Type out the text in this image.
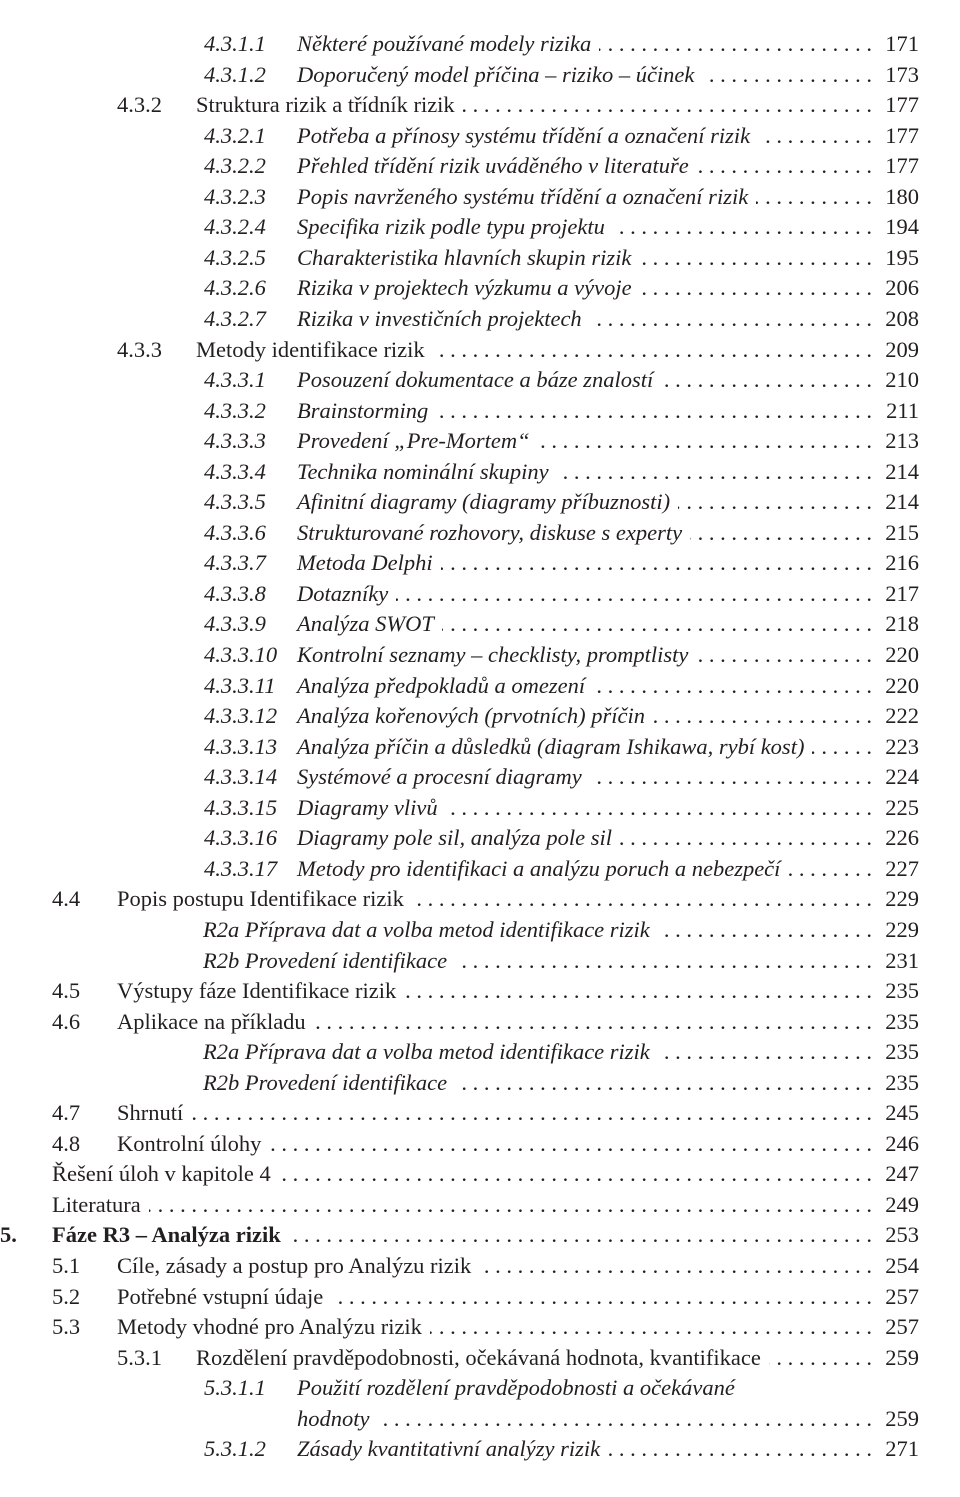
4.3.1.1 Některé používané modely rizika	171
. . .
4.3.1.2 Doporučený model příčina – riziko – účinek	173
. . .
4.3.2 Struktura rizik a třídník rizik	177
. . .
4.3.2.1 Potřeba a přínosy systému třídění a označení rizik	177
. . .
4.3.2.2 Přehled třídění rizik uváděného v literatuře	177
. . .
4.3.2.3 Popis navrženého systému třídění a označení rizik	180
. . .
4.3.2.4 Specifika rizik podle typu projektu	194
. . .
4.3.2.5 Charakteristika hlavních skupin rizik	195
. . .
4.3.2.6 Rizika v projektech výzkumu a vývoje	206
. . .
4.3.2.7 Rizika v investičních projektech	208
. . .
4.3.3 Metody identifikace rizik	209
. . .
4.3.3.1 Posouzení dokumentace a báze znalostí	210
. . .
4.3.3.2 Brainstorming	211
. . .
4.3.3.3 Provedení „Pre-Mortem“	213
. . .
4.3.3.4 Technika nominální skupiny	214
. . .
4.3.3.5 Afinitní diagramy (diagramy příbuznosti)	214
. . .
4.3.3.6 Strukturované rozhovory, diskuse s experty	215
. . .
4.3.3.7 Metoda Delphi	216
. . .
4.3.3.8 Dotazníky	217
. . .
4.3.3.9 Analýza SWOT	218
. . .
4.3.3.10 Kontrolní seznamy – checklisty, promptlisty	220
. . .
4.3.3.11 Analýza předpokladů a omezení	220
. . .
4.3.3.12 Analýza kořenových (prvotních) příčin	222
. . .
4.3.3.13 Analýza příčin a důsledků (diagram Ishikawa, rybí kost)	223
. . .
4.3.3.14 Systémové a procesní diagramy	224
. . .
4.3.3.15 Diagramy vlivů	225
. . .
4.3.3.16 Diagramy pole sil, analýza pole sil	226
. . .
4.3.3.17 Metody pro identifikaci a analýzu poruch a nebezpečí	227
. . .
4.4 Popis postupu Identifikace rizik	229
. . .
R2a Příprava dat a volba metod identifikace rizik	229
. . .
R2b Provedení identifikace	231
. . .
4.5 Výstupy fáze Identifikace rizik	235
. . .
4.6 Aplikace na příkladu	235
. . .
R2a Příprava dat a volba metod identifikace rizik	235
. . .
R2b Provedení identifikace	235
. . .
4.7 Shrnutí	245
. . .
4.8 Kontrolní úlohy	246
. . .
Řešení úloh v kapitole 4	247
. . .
Literatura	249
. . .
5. Fáze R3 – Analýza rizik	253
. . .
5.1 Cíle, zásady a postup pro Analýzu rizik	254
. . .
5.2 Potřebné vstupní údaje	257
. . .
5.3 Metody vhodné pro Analýzu rizik	257
. . .
5.3.1 Rozdělení pravděpodobnosti, očekávaná hodnota, kvantifikace	259
. . .
5.3.1.1 Použití rozdělení pravděpodobnosti a očekávané
hodnoty	259
. . .
5.3.1.2 Zásady kvantitativní analýzy rizik	271
. . .
